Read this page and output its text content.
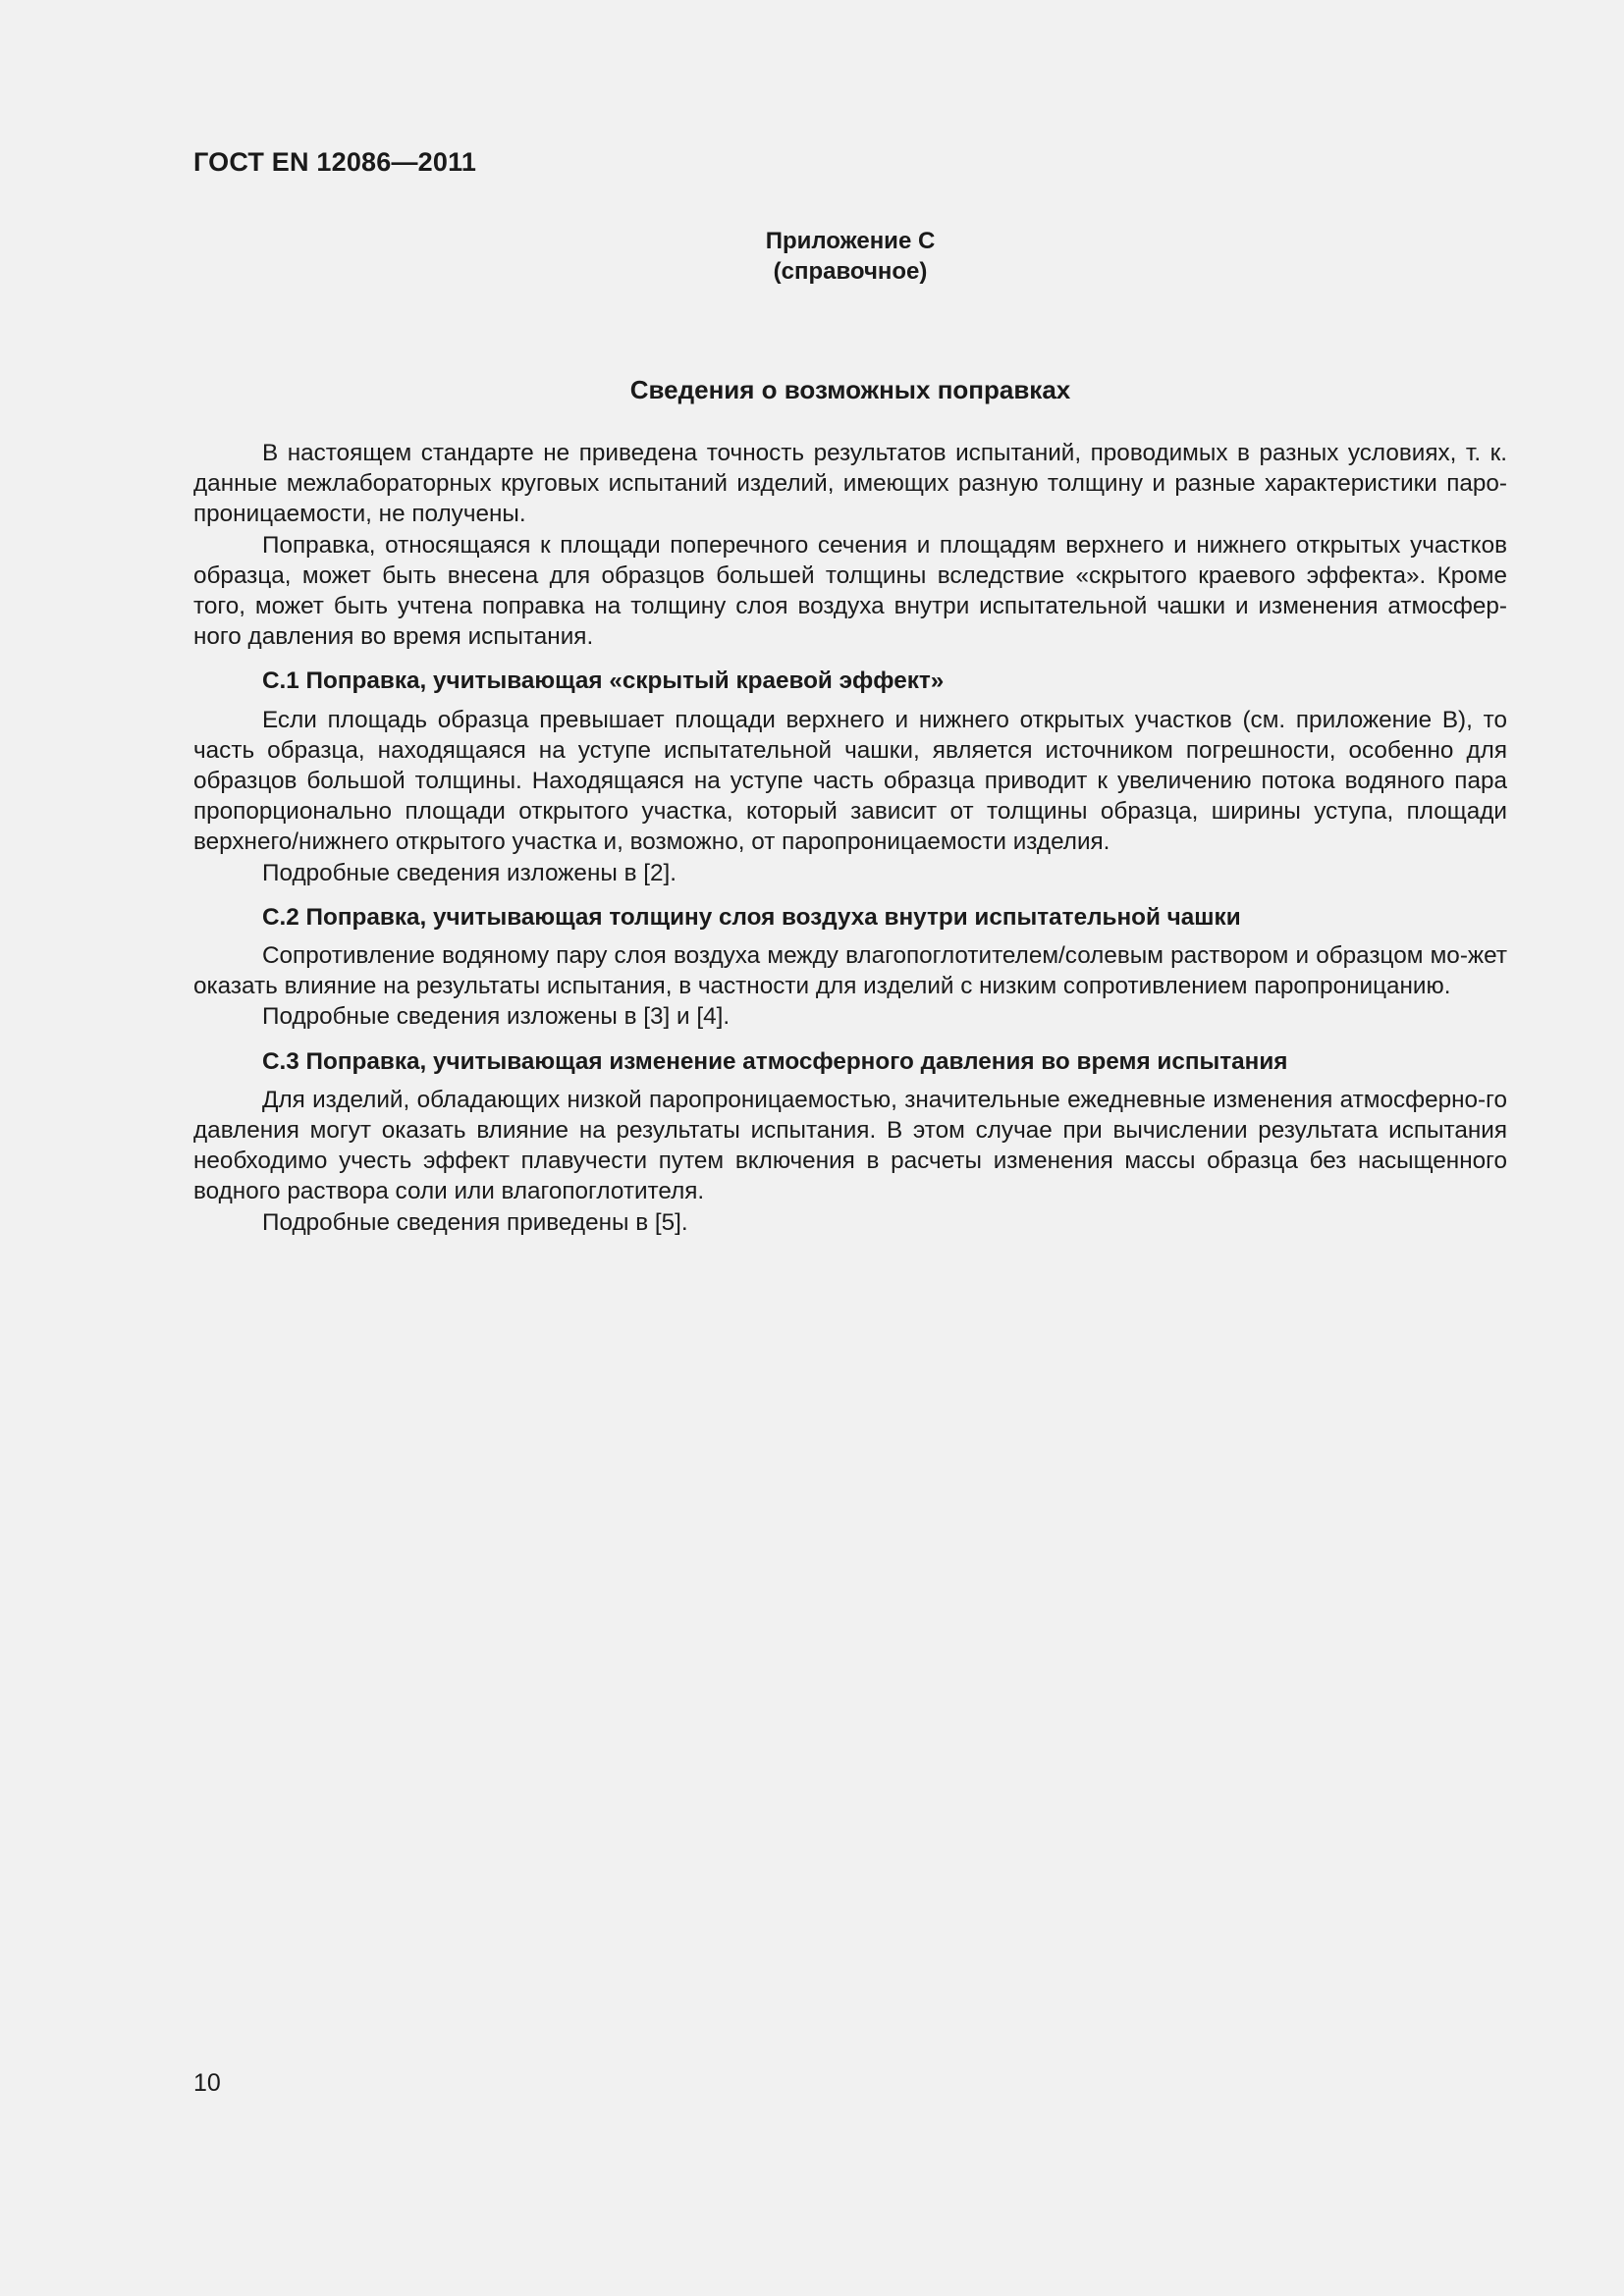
ГОСТ EN 12086—2011
Приложение C
(справочное)
Сведения о возможных поправках

В настоящем стандарте не приведена точность результатов испытаний, проводимых в разных условиях, т. к. данные межлабораторных круговых испытаний изделий, имеющих разную толщину и разные характеристики паро-проницаемости, не получены.

Поправка, относящаяся к площади поперечного сечения и площадям верхнего и нижнего открытых участков образца, может быть внесена для образцов большей толщины вследствие «скрытого краевого эффекта». Кроме того, может быть учтена поправка на толщину слоя воздуха внутри испытательной чашки и изменения атмосфер-ного давления во время испытания.

C.1 Поправка, учитывающая «скрытый краевой эффект»

Если площадь образца превышает площади верхнего и нижнего открытых участков (см. приложение B), то часть образца, находящаяся на уступе испытательной чашки, является источником погрешности, особенно для образцов большой толщины. Находящаяся на уступе часть образца приводит к увеличению потока водяного пара пропорционально площади открытого участка, который зависит от толщины образца, ширины уступа, площади верхнего/нижнего открытого участка и, возможно, от паропроницаемости изделия.

Подробные сведения изложены в [2].

C.2 Поправка, учитывающая толщину слоя воздуха внутри испытательной чашки

Сопротивление водяному пару слоя воздуха между влагопоглотителем/солевым раствором и образцом мо-жет оказать влияние на результаты испытания, в частности для изделий с низким сопротивлением паропроницанию.

Подробные сведения изложены в [3] и [4].

C.3 Поправка, учитывающая изменение атмосферного давления во время испытания

Для изделий, обладающих низкой паропроницаемостью, значительные ежедневные изменения атмосферно-го давления могут оказать влияние на результаты испытания. В этом случае при вычислении результата испытания необходимо учесть эффект плавучести путем включения в расчеты изменения массы образца без насыщенного водного раствора соли или влагопоглотителя.

Подробные сведения приведены в [5].

10
